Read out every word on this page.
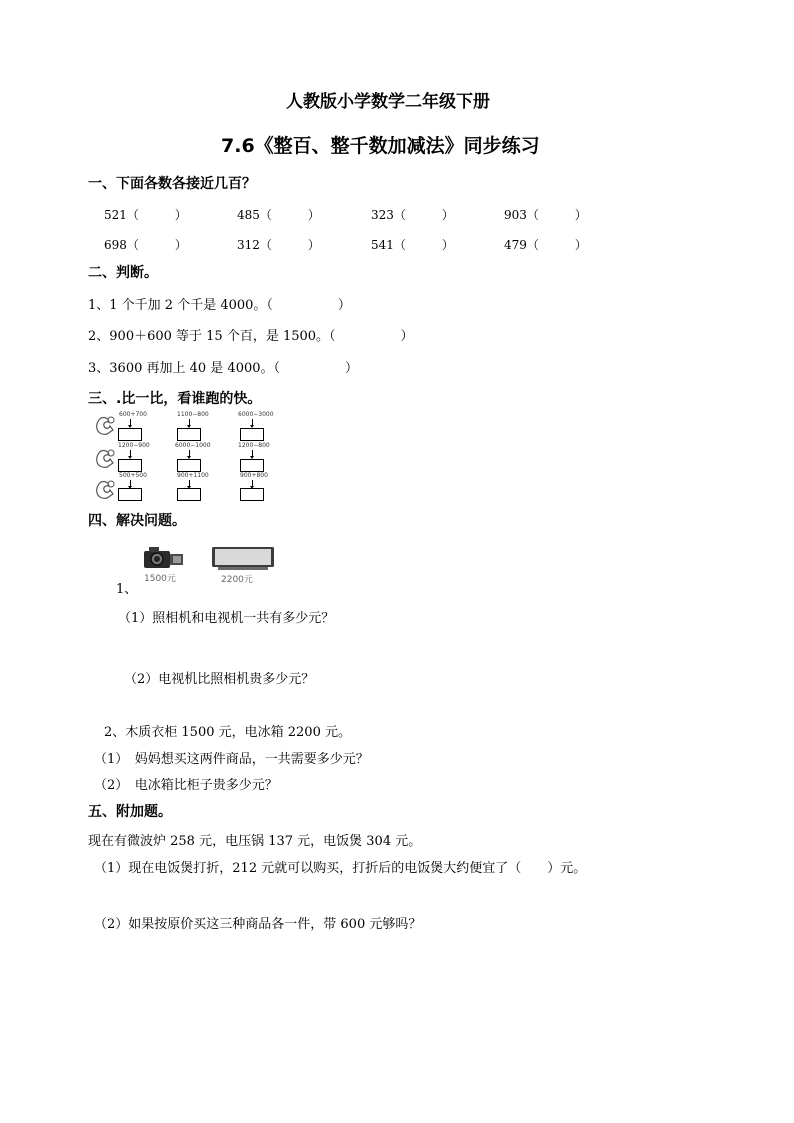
人教版小学数学二年级下册
7.6《整百、整千数加减法》同步练习
一、下面各数各接近几百？
521（　　　）	485（　　　）	323（　　　）	903（　　　）
698（　　　）	312（　　　）	541（　　　）	479（　　　）
二、判断。
1、1 个千加 2 个千是 4000。（　　　　　）
2、900＋600 等于 15 个百，是 1500。（　　　　　）
3、3600 再加上 40 是 4000。（　　　　　）
三、.比一比，看谁跑的快。
600+700	1100−800	6000−3000
1200−900	6000−1000	1200−800
500+500	900+1100	900+800
四、解决问题。
1500元	2200元
1、
（1）照相机和电视机一共有多少元？
（2）电视机比照相机贵多少元？
2、木质衣柜 1500 元，电冰箱 2200 元。
（1）　妈妈想买这两件商品，一共需要多少元？
（2）　电冰箱比柜子贵多少元？
五、附加题。
现在有微波炉 258 元，电压锅 137 元，电饭煲 304 元。
（1）现在电饭煲打折，212 元就可以购买，打折后的电饭煲大约便宜了（　　）元。
（2）如果按原价买这三种商品各一件，带 600 元够吗？
